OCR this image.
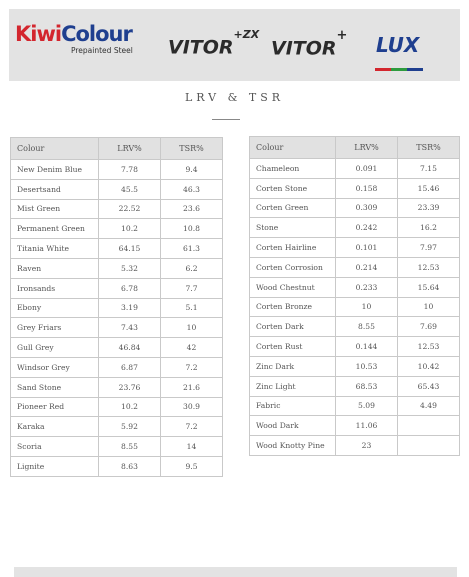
KiwiColour
Prepainted Steel $VITOR^{+ZX}$
VITOR+ LUX
LRV & TSR
Colour	LRV%	TSR%
New Denim Blue	7.78	9.4
Desertsand	45.5	46.3
Mist Green	22.52	23.6
Permanent Green	10.2	10.8
Titania White	64.15	61.3
Raven	5.32	6.2
Ironsands	6.78	7.7
Ebony	3.19	5.1
Grey Friars	7.43	10
Gull Grey	46.84	42
Windsor Grey	6.87	7.2
Sand Stone	23.76	21.6
Pioneer Red	10.2	30.9
Karaka	5.92	7.2
Scoria	8.55	14
Lignite	8.63	9.5
Colour	LRV%	TSR%
Chameleon	0.091	7.15
Corten Stone	0.158	15.46
Corten Green	0.309	23.39
Stone	0.242	16.2
Corten Hairline	0.101	7.97
Corten Corrosion	0.214	12.53
Wood Chestnut	0.233	15.64
Corten Bronze	10	10
Corten Dark	8.55	7.69
Corten Rust	0.144	12.53
Zinc Dark	10.53	10.42
Zinc Light	68.53	65.43
Fabric	5.09	4.49
Wood Dark	11.06	
Wood Knotty Pine	23	
